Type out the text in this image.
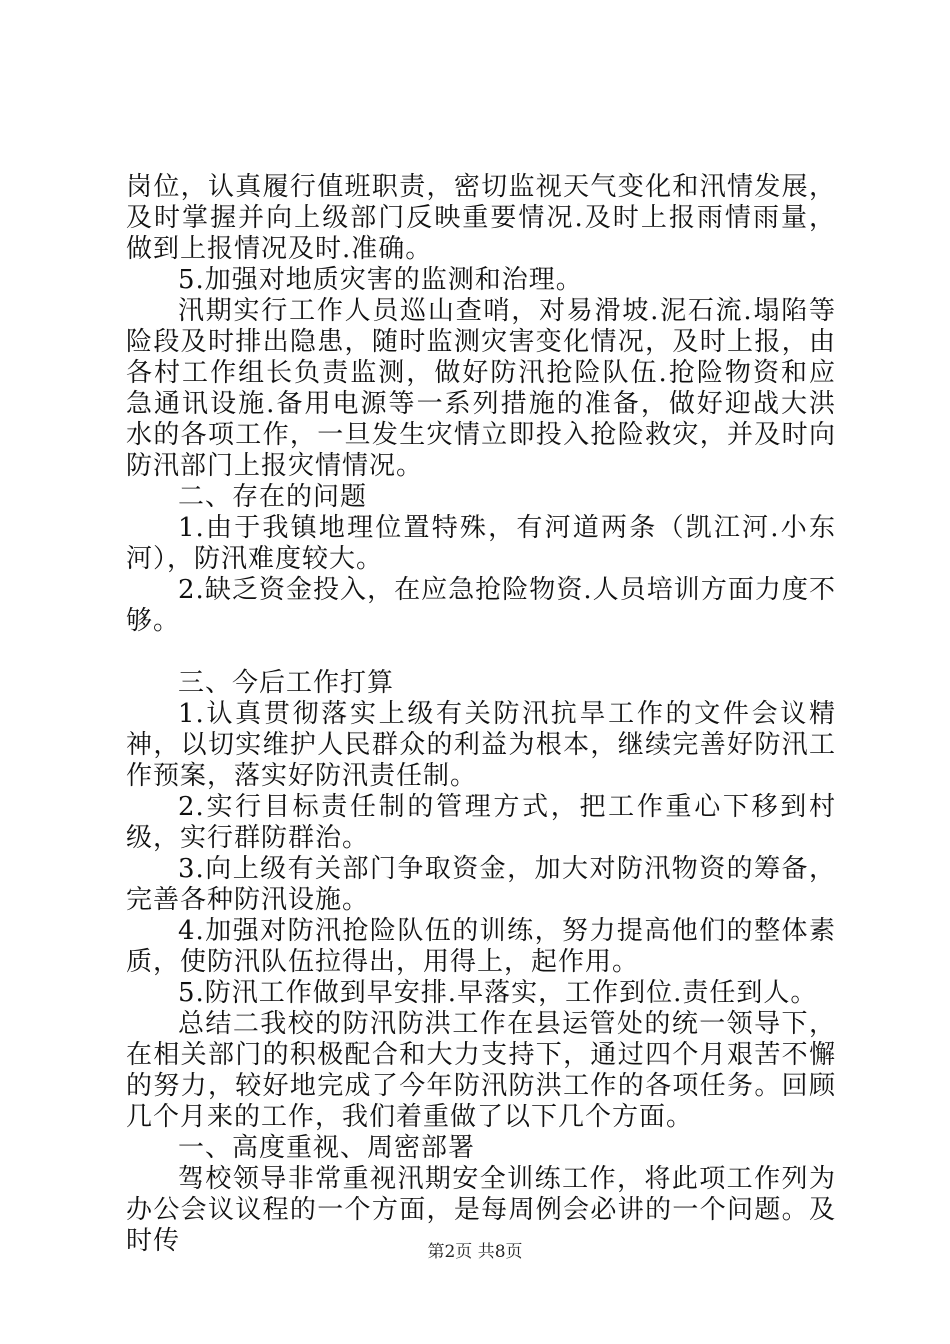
岗位，认真履行值班职责，密切监视天气变化和汛情发展，及时掌握并向上级部门反映重要情况.及时上报雨情雨量，做到上报情况及时.准确。

5.加强对地质灾害的监测和治理。

汛期实行工作人员巡山查哨，对易滑坡.泥石流.塌陷等险段及时排出隐患，随时监测灾害变化情况，及时上报，由各村工作组长负责监测，做好防汛抢险队伍.抢险物资和应急通讯设施.备用电源等一系列措施的准备，做好迎战大洪水的各项工作，一旦发生灾情立即投入抢险救灾，并及时向防汛部门上报灾情情况。

二、存在的问题

1.由于我镇地理位置特殊，有河道两条（凯江河.小东河），防汛难度较大。

2.缺乏资金投入，在应急抢险物资.人员培训方面力度不够。

三、今后工作打算

1.认真贯彻落实上级有关防汛抗旱工作的文件会议精神，以切实维护人民群众的利益为根本，继续完善好防汛工作预案，落实好防汛责任制。

2.实行目标责任制的管理方式，把工作重心下移到村级，实行群防群治。

3.向上级有关部门争取资金，加大对防汛物资的筹备，完善各种防汛设施。

4.加强对防汛抢险队伍的训练，努力提高他们的整体素质，使防汛队伍拉得出，用得上，起作用。

5.防汛工作做到早安排.早落实，工作到位.责任到人。

总结二我校的防汛防洪工作在县运管处的统一领导下，在相关部门的积极配合和大力支持下，通过四个月艰苦不懈的努力，较好地完成了今年防汛防洪工作的各项任务。回顾几个月来的工作，我们着重做了以下几个方面。

一、高度重视、周密部署

驾校领导非常重视汛期安全训练工作，将此项工作列为办公会议议程的一个方面，是每周例会必讲的一个问题。及时传	第2页 共8页
